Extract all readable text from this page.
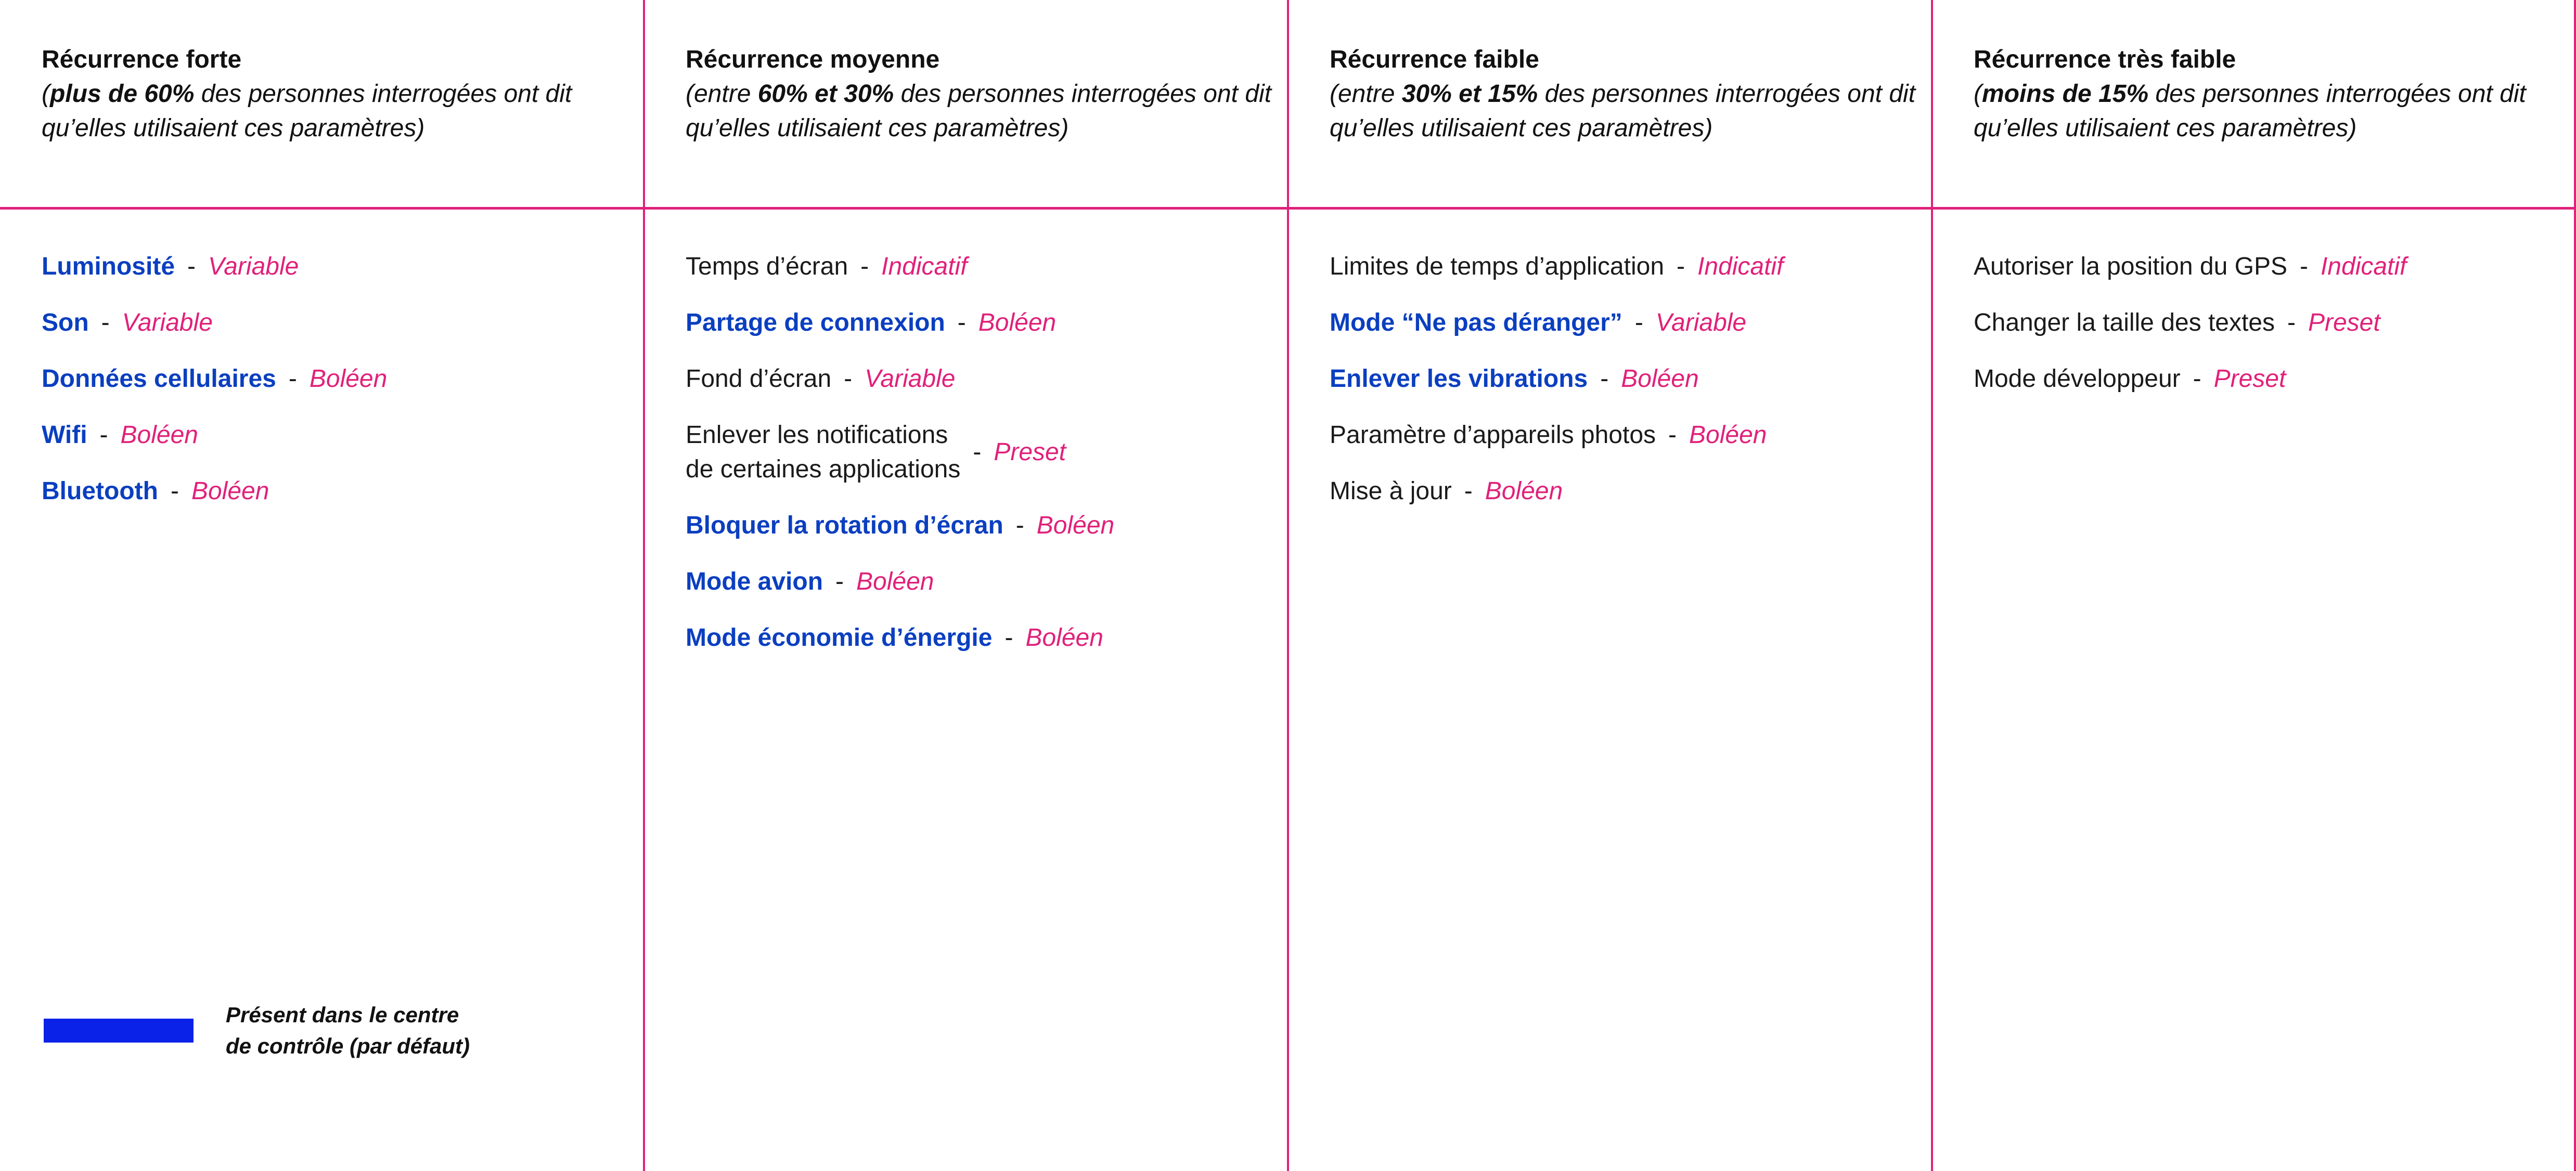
Récurrence forte
(plus de 60% des personnes interrogées ont dit qu’elles utilisaient ces paramètres)
Luminosité - Variable
Son - Variable
Données cellulaires - Boléen
Wifi - Boléen
Bluetooth - Boléen
Récurrence moyenne
(entre 60% et 30% des personnes interrogées ont dit qu’elles utilisaient ces paramètres)
Temps d’écran - Indicatif
Partage de connexion - Boléen
Fond d’écran - Variable
Enlever les notifications
de certaines applications
- Preset
Bloquer la rotation d’écran - Boléen
Mode avion - Boléen
Mode économie d’énergie - Boléen
Récurrence faible
(entre 30% et 15% des personnes interrogées ont dit qu’elles utilisaient ces paramètres)
Limites de temps d’application - Indicatif
Mode “Ne pas déranger” - Variable
Enlever les vibrations - Boléen
Paramètre d’appareils photos - Boléen
Mise à jour - Boléen
Récurrence très faible
(moins de 15% des personnes interrogées ont dit qu’elles utilisaient ces paramètres)
Autoriser la position du GPS - Indicatif
Changer la taille des textes - Preset
Mode développeur - Preset
Présent dans le centre
de contrôle (par défaut)
